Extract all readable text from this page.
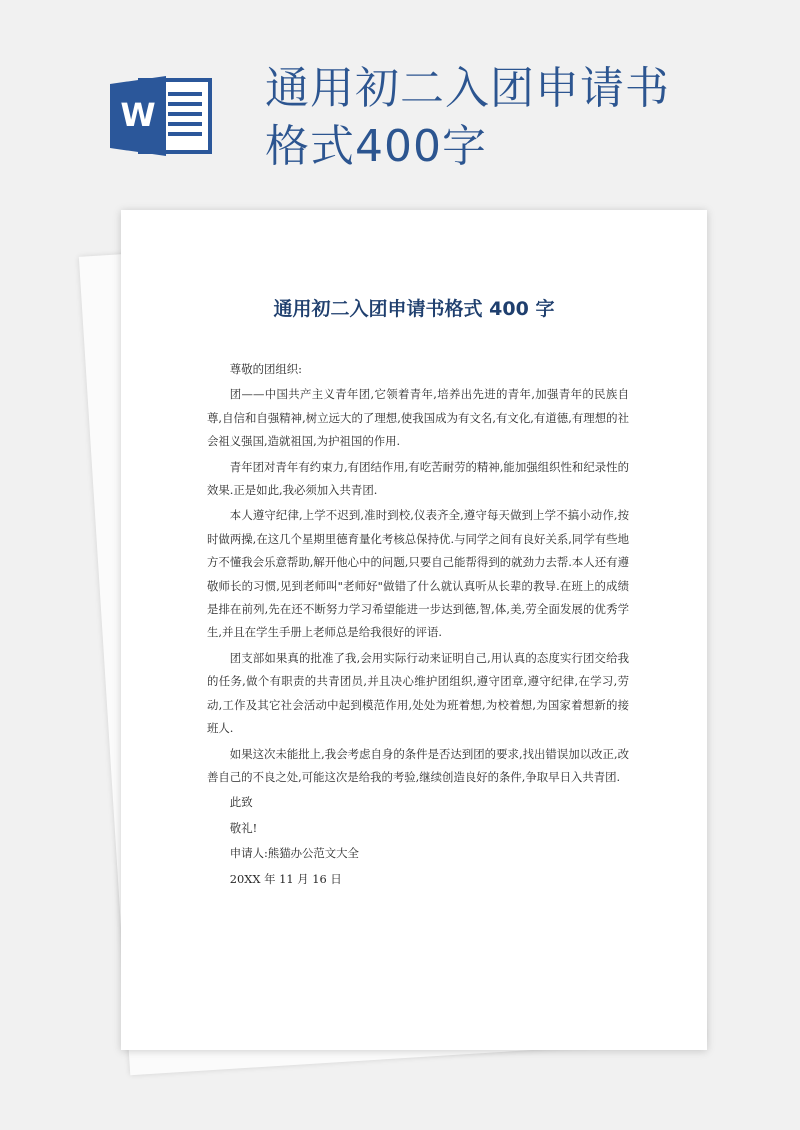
W
通用初二入团申请书格式400字
通用初二入团申请书格式 400 字

尊敬的团组织:

团——中国共产主义青年团,它领着青年,培养出先进的青年,加强青年的民族自尊,自信和自强精神,树立远大的了理想,使我国成为有文名,有文化,有道德,有理想的社会祖义强国,造就祖国,为护祖国的作用.

青年团对青年有约束力,有团结作用,有吃苦耐劳的精神,能加强组织性和纪录性的效果.正是如此,我必须加入共青团.

本人遵守纪律,上学不迟到,准时到校,仪表齐全,遵守每天做到上学不搞小动作,按时做两操,在这几个星期里德育量化考核总保持优.与同学之间有良好关系,同学有些地方不懂我会乐意帮助,解开他心中的问题,只要自己能帮得到的就劲力去帮.本人还有遵敬师长的习惯,见到老师叫"老师好"做错了什么就认真听从长辈的教导.在班上的成绩是排在前列,先在还不断努力学习希望能进一步达到德,智,体,美,劳全面发展的优秀学生,并且在学生手册上老师总是给我很好的评语.

团支部如果真的批准了我,会用实际行动来证明自己,用认真的态度实行团交给我的任务,做个有职责的共青团员,并且决心维护团组织,遵守团章,遵守纪律,在学习,劳动,工作及其它社会活动中起到模范作用,处处为班着想,为校着想,为国家着想新的接班人.

如果这次未能批上,我会考虑自身的条件是否达到团的要求,找出错误加以改正,改善自己的不良之处,可能这次是给我的考验,继续创造良好的条件,争取早日入共青团.

此致

敬礼!

申请人:熊猫办公范文大全

20XX 年 11 月 16 日
